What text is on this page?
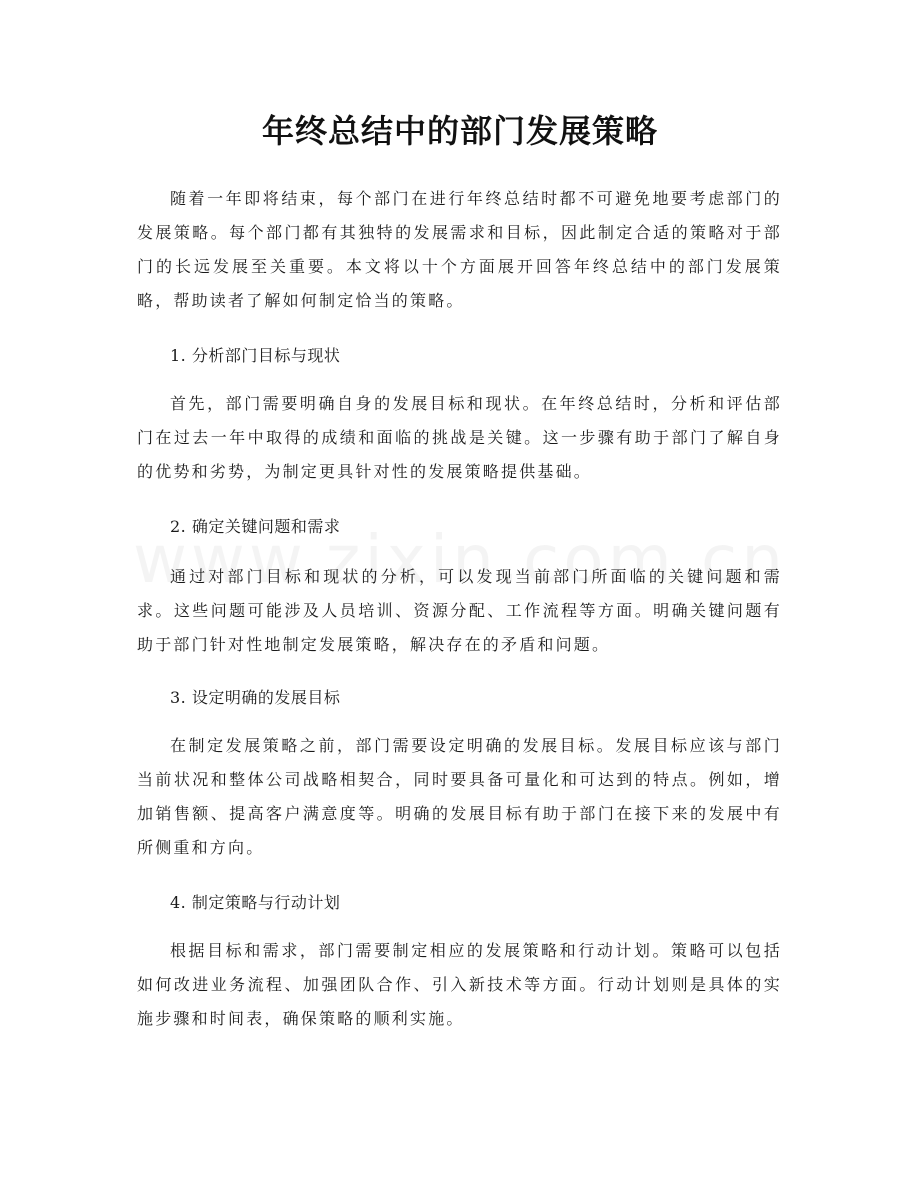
年终总结中的部门发展策略
随着一年即将结束，每个部门在进行年终总结时都不可避免地要考虑部门的发展策略。每个部门都有其独特的发展需求和目标，因此制定合适的策略对于部门的长远发展至关重要。本文将以十个方面展开回答年终总结中的部门发展策略，帮助读者了解如何制定恰当的策略。
1. 分析部门目标与现状
首先，部门需要明确自身的发展目标和现状。在年终总结时，分析和评估部门在过去一年中取得的成绩和面临的挑战是关键。这一步骤有助于部门了解自身的优势和劣势，为制定更具针对性的发展策略提供基础。
2. 确定关键问题和需求
通过对部门目标和现状的分析，可以发现当前部门所面临的关键问题和需求。这些问题可能涉及人员培训、资源分配、工作流程等方面。明确关键问题有助于部门针对性地制定发展策略，解决存在的矛盾和问题。
3. 设定明确的发展目标
在制定发展策略之前，部门需要设定明确的发展目标。发展目标应该与部门当前状况和整体公司战略相契合，同时要具备可量化和可达到的特点。例如，增加销售额、提高客户满意度等。明确的发展目标有助于部门在接下来的发展中有所侧重和方向。
4. 制定策略与行动计划
根据目标和需求，部门需要制定相应的发展策略和行动计划。策略可以包括如何改进业务流程、加强团队合作、引入新技术等方面。行动计划则是具体的实施步骤和时间表，确保策略的顺利实施。
